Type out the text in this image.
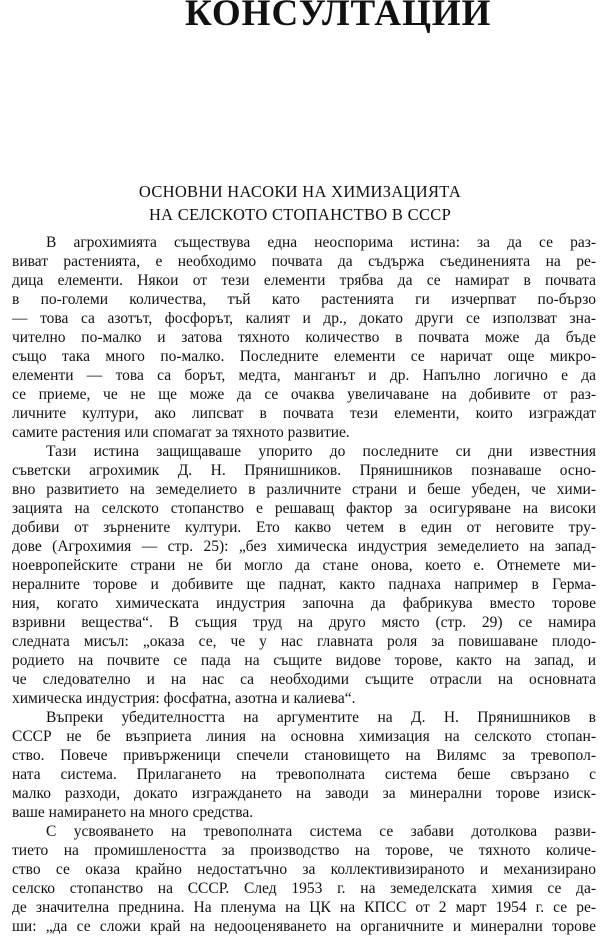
КОНСУЛТАЦИИ
ОСНОВНИ НАСОКИ НА ХИМИЗАЦИЯТА
НА СЕЛСКОТО СТОПАНСТВО В СССР
В агрохимията съществува една неоспорима истина: за да се раз-
виват растенията, е необходимо почвата да съдържа съединенията на ре-
дица елементи. Някои от тези елементи трябва да се намират в почвата
в по-големи количества, тъй като растенията ги изчерпват по-бързо
— това са азотът, фосфорът, калият и др., докато други се използват зна-
чително по-малко и затова тяхното количество в почвата може да бъде
също така много по-малко. Последните елементи се наричат още микро-
елементи — това са борът, медта, манганът и др. Напълно логично е да
се приеме, че не ще може да се очаква увеличаване на добивите от раз-
личните култури, ако липсват в почвата тези елементи, които изграждат
самите растения или спомагат за тяхното развитие.
Тази истина защищаваше упорито до последните си дни известния
съветски агрохимик Д. Н. Прянишников. Прянишников познаваше осно-
вно развитието на земеделието в различните страни и беше убеден, че хими-
зацията на селското стопанство е решаващ фактор за осигуряване на високи
добиви от зърнените култури. Ето какво четем в един от неговите тру-
дове (Агрохимия — стр. 25): „без химическа индустрия земеделието на запад-
ноевропейските страни не би могло да стане онова, което е. Отнемете ми-
нералните торове и добивите ще паднат, както паднаха например в Герма-
ния, когато химическата индустрия започна да фабрикува вместо торове
взривни вещества“. В същия труд на друго място (стр. 29) се намира
следната мисъл: „оказа се, че у нас главната роля за повишаване плодо-
родието на почвите се пада на същите видове торове, както на запад, и
че следователно и на нас са необходими същите отрасли на основната
химическа индустрия: фосфатна, азотна и калиева“.
Въпреки убедителността на аргументите на Д. Н. Прянишников в
СССР не бе възприета линия на основна химизация на селското стопан-
ство. Повече привърженици спечели становището на Вилямс за тревопол-
ната система. Прилагането на тревополната система беше свързано с
малко разходи, докато изграждането на заводи за минерални торове изиск-
ваше намирането на много средства.
С усвояването на тревополната система се забави дотолкова разви-
тието на промишлеността за производство на торове, че тяхното количе-
ство се оказа крайно недостатъчно за коллективизираното и механизирано
селско стопанство на СССР. След 1953 г. на земеделската химия се да-
де значителна преднина. На пленума на ЦК на КПСС от 2 март 1954 г. се ре-
ши: „да се сложи край на недооценяването на органичните и минерални торове
